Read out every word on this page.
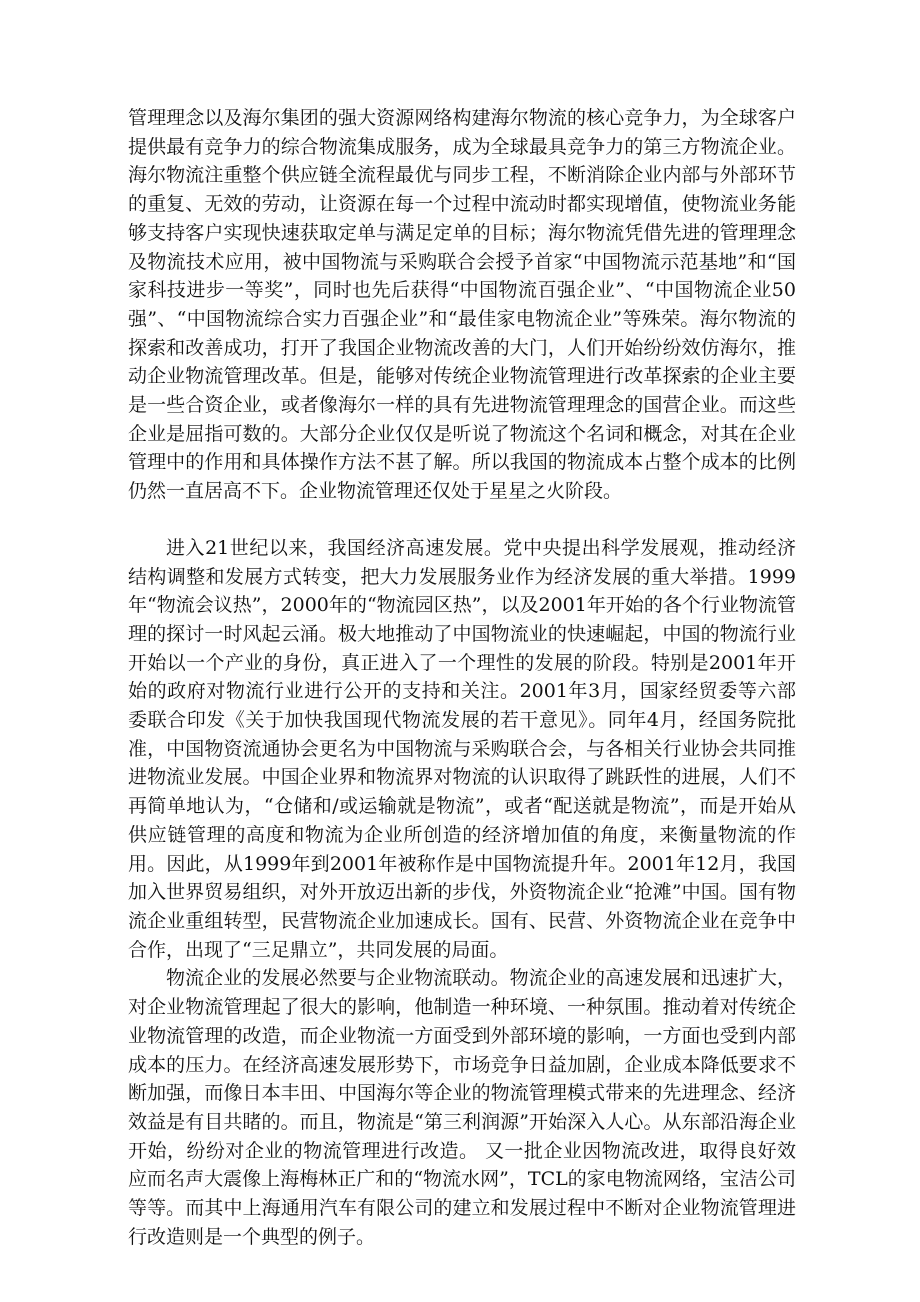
管理理念以及海尔集团的强大资源网络构建海尔物流的核心竞争力，为全球客户提供最有竞争力的综合物流集成服务，成为全球最具竞争力的第三方物流企业。海尔物流注重整个供应链全流程最优与同步工程，不断消除企业内部与外部环节的重复、无效的劳动，让资源在每一个过程中流动时都实现增值，使物流业务能够支持客户实现快速获取定单与满足定单的目标；海尔物流凭借先进的管理理念及物流技术应用，被中国物流与采购联合会授予首家“中国物流示范基地”和“国家科技进步一等奖”，同时也先后获得“中国物流百强企业”、“中国物流企业50强”、“中国物流综合实力百强企业”和“最佳家电物流企业”等殊荣。海尔物流的探索和改善成功，打开了我国企业物流改善的大门，人们开始纷纷效仿海尔，推动企业物流管理改革。但是，能够对传统企业物流管理进行改革探索的企业主要是一些合资企业，或者像海尔一样的具有先进物流管理理念的国营企业。而这些企业是屈指可数的。大部分企业仅仅是听说了物流这个名词和概念，对其在企业管理中的作用和具体操作方法不甚了解。所以我国的物流成本占整个成本的比例仍然一直居高不下。企业物流管理还仅处于星星之火阶段。

进入21世纪以来，我国经济高速发展。党中央提出科学发展观，推动经济结构调整和发展方式转变，把大力发展服务业作为经济发展的重大举措。1999年“物流会议热”，2000年的“物流园区热”，以及2001年开始的各个行业物流管理的探讨一时风起云涌。极大地推动了中国物流业的快速崛起，中国的物流行业开始以一个产业的身份，真正进入了一个理性的发展的阶段。特别是2001年开始的政府对物流行业进行公开的支持和关注。2001年3月，国家经贸委等六部委联合印发《关于加快我国现代物流发展的若干意见》。同年4月，经国务院批准，中国物资流通协会更名为中国物流与采购联合会，与各相关行业协会共同推进物流业发展。中国企业界和物流界对物流的认识取得了跳跃性的进展，人们不再简单地认为，“仓储和/或运输就是物流”，或者“配送就是物流”，而是开始从供应链管理的高度和物流为企业所创造的经济增加值的角度，来衡量物流的作用。因此，从1999年到2001年被称作是中国物流提升年。2001年12月，我国加入世界贸易组织，对外开放迈出新的步伐，外资物流企业“抢滩”中国。国有物流企业重组转型，民营物流企业加速成长。国有、民营、外资物流企业在竞争中合作，出现了“三足鼎立”，共同发展的局面。

物流企业的发展必然要与企业物流联动。物流企业的高速发展和迅速扩大，对企业物流管理起了很大的影响，他制造一种环境、一种氛围。推动着对传统企业物流管理的改造，而企业物流一方面受到外部环境的影响，一方面也受到内部成本的压力。在经济高速发展形势下，市场竞争日益加剧，企业成本降低要求不断加强，而像日本丰田、中国海尔等企业的物流管理模式带来的先进理念、经济效益是有目共睹的。而且，物流是“第三利润源”开始深入人心。从东部沿海企业开始，纷纷对企业的物流管理进行改造。 又一批企业因物流改进，取得良好效应而名声大震像上海梅林正广和的“物流水网”，TCL的家电物流网络，宝洁公司等等。而其中上海通用汽车有限公司的建立和发展过程中不断对企业物流管理进行改造则是一个典型的例子。
